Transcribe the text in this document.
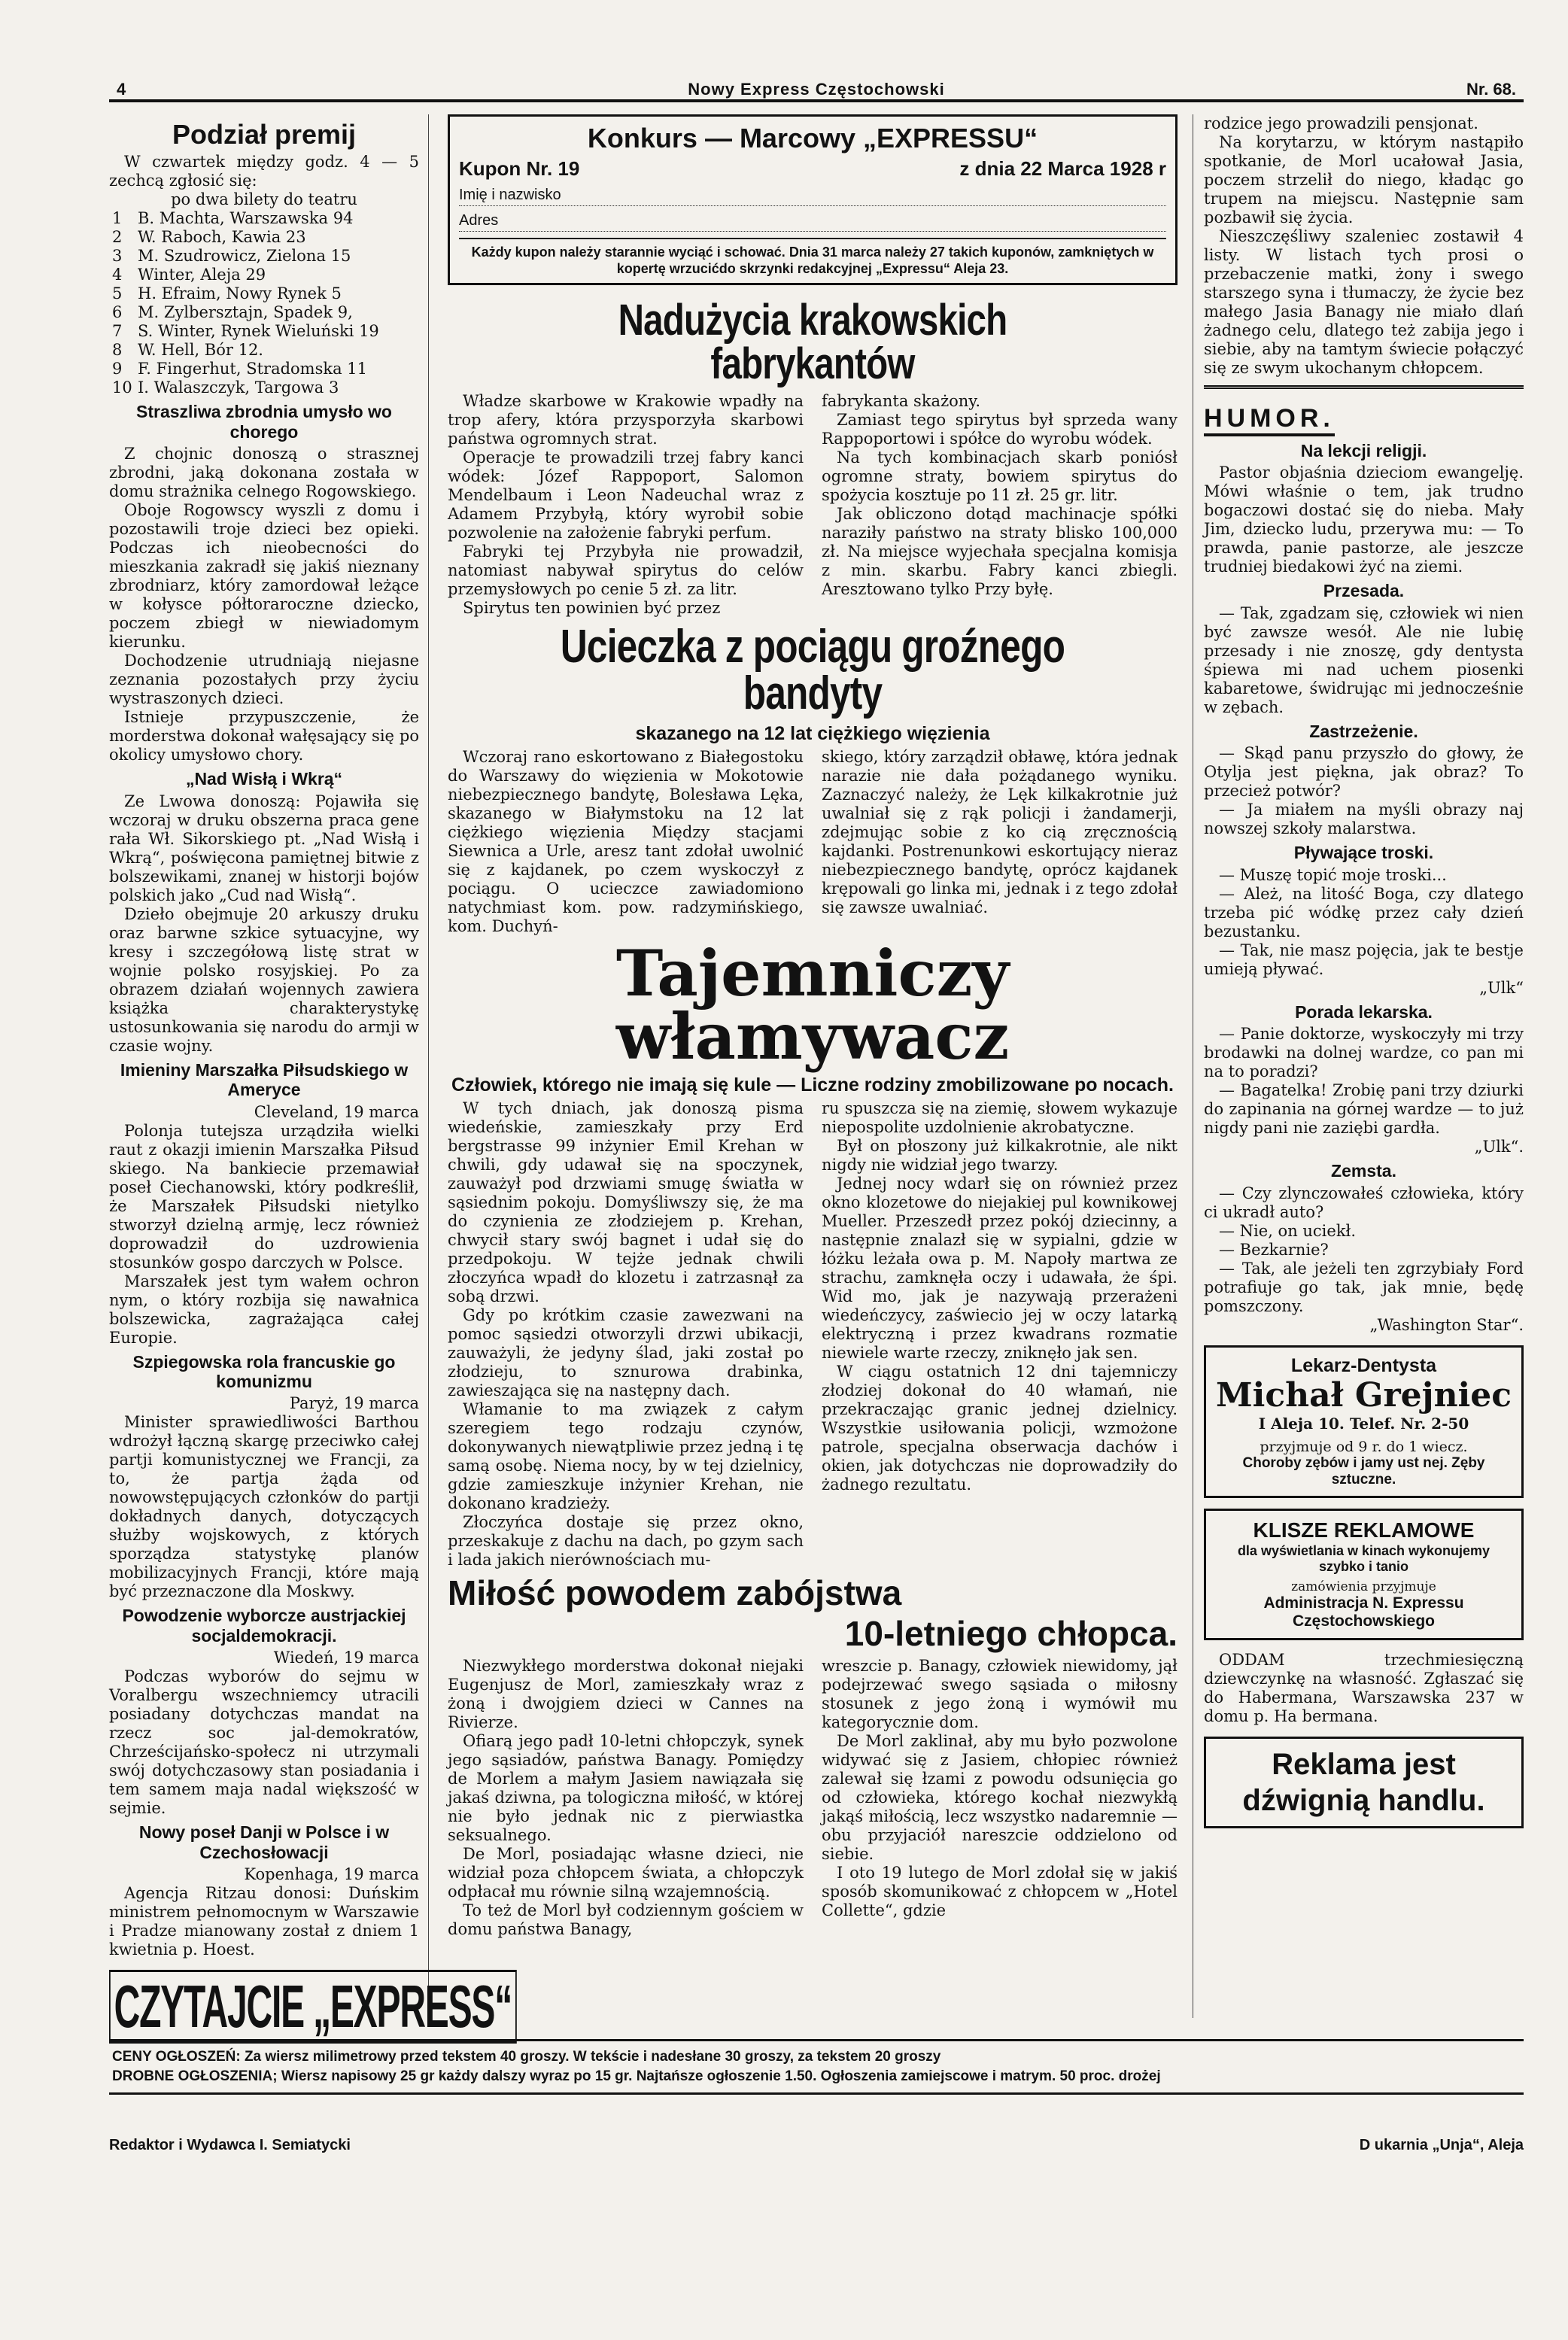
4	Nowy Express Częstochowski	Nr. 68.
Podział premij

W czwartek między godz. 4 — 5 zechcą zgłosić się:

po dwa bilety do teatru

1 B. Machta, Warszawska 94
2 W. Raboch, Kawia 23
3 M. Szudrowicz, Zielona 15
4 Winter, Aleja 29
5 H. Efraim, Nowy Rynek 5
6 M. Zylbersztajn, Spadek 9,
7 S. Winter, Rynek Wieluński 19
8 W. Hell, Bór 12.
9 F. Fingerhut, Stradomska 11
10 I. Walaszczyk, Targowa 3
Straszliwa zbrodnia umysło wo chorego

Z chojnic donoszą o strasznej zbrodni, jaką dokonana została w domu strażnika celnego Rogowskiego.

Oboje Rogowscy wyszli z domu i pozostawili troje dzieci bez opieki. Podczas ich nieobecności do mieszkania zakradł się jakiś nieznany zbrodniarz, który zamordował leżące w kołysce półtoraroczne dziecko, poczem zbiegł w niewiadomym kierunku.

Dochodzenie utrudniają niejasne zeznania pozostałych przy życiu wystraszonych dzieci.

Istnieje przypuszczenie, że morderstwa dokonał wałęsający się po okolicy umysłowo chory.

„Nad Wisłą i Wkrą“

Ze Lwowa donoszą: Pojawiła się wczoraj w druku obszerna praca gene rała Wł. Sikorskiego pt. „Nad Wisłą i Wkrą“, poświęcona pamiętnej bitwie z bolszewikami, znanej w historji bojów polskich jako „Cud nad Wisłą“.

Dzieło obejmuje 20 arkuszy druku oraz barwne szkice sytuacyjne, wy kresy i szczegółową listę strat w wojnie polsko rosyjskiej. Po za obrazem działań wojennych zawiera książka charakterystykę ustosunkowania się narodu do armji w czasie wojny.

Imieniny Marszałka Piłsudskiego w Ameryce

Cleveland, 19 marca

Polonja tutejsza urządziła wielki raut z okazji imienin Marszałka Piłsud skiego. Na bankiecie przemawiał poseł Ciechanowski, który podkreślił, że Marszałek Piłsudski nietylko stworzył dzielną armję, lecz również doprowadził do uzdrowienia stosunków gospo darczych w Polsce.

Marszałek jest tym wałem ochron nym, o który rozbija się nawałnica bolszewicka, zagrażająca całej Europie.

Szpiegowska rola francuskie go komunizmu

Paryż, 19 marca

Minister sprawiedliwości Barthou wdrożył łączną skargę przeciwko całej partji komunistycznej we Francji, za to, że partja żąda od nowowstępujących członków do partji dokładnych danych, dotyczących służby wojskowych, z których sporządza statystykę planów mobilizacyjnych Francji, które mają być przeznaczone dla Moskwy.

Powodzenie wyborcze austrjackiej socjaldemokracji.

Wiedeń, 19 marca

Podczas wyborów do sejmu w Voralbergu wszechniemcy utracili posiadany dotychczas mandat na rzecz soc jal-demokratów, Chrześcijańsko-społecz ni utrzymali swój dotychczasowy stan posiadania i tem samem maja nadal większość w sejmie.

Nowy poseł Danji w Polsce i w Czechosłowacji

Kopenhaga, 19 marca

Agencja Ritzau donosi: Duńskim ministrem pełnomocnym w Warszawie i Pradze mianowany został z dniem 1 kwietnia p. Hoest.

CZYTAJCIE „EXPRESS“
Konkurs — Marcowy „EXPRESSU“
Kupon Nr. 19	z dnia 22 Marca 1928 r
Imię i nazwisko
Adres
Każdy kupon należy starannie wyciąć i schować. Dnia 31 marca należy 27 takich kuponów, zamkniętych w kopertę wrzucićdo skrzynki redakcyjnej „Expressu“ Aleja 23.
Nadużycia krakowskich fabrykantów

Władze skarbowe w Krakowie wpadły na trop afery, która przysporzyła skarbowi państwa ogromnych strat.

Operacje te prowadzili trzej fabry kanci wódek: Józef Rappoport, Salomon Mendelbaum i Leon Nadeuchal wraz z Adamem Przybyłą, który wyrobił sobie pozwolenie na założenie fabryki perfum.

Fabryki tej Przybyła nie prowadził, natomiast nabywał spirytus do celów przemysłowych po cenie 5 zł. za litr.

Spirytus ten powinien być przez

fabrykanta skażony.

Zamiast tego spirytus był sprzeda wany Rappoportowi i spółce do wyrobu wódek.

Na tych kombinacjach skarb poniósł ogromne straty, bowiem spirytus do spożycia kosztuje po 11 zł. 25 gr. litr.

Jak obliczono dotąd machinacje spółki naraziły państwo na straty blisko 100,000 zł. Na miejsce wyjechała specjalna komisja z min. skarbu. Fabry kanci zbiegli. Aresztowano tylko Przy byłę.

Ucieczka z pociągu groźnego bandyty
skazanego na 12 lat ciężkiego więzienia

Wczoraj rano eskortowano z Białegostoku do Warszawy do więzienia w Mokotowie niebezpiecznego bandytę, Bolesława Lęka, skazanego w Białymstoku na 12 lat ciężkiego więzienia Między stacjami Siewnica a Urle, aresz tant zdołał uwolnić się z kajdanek, po czem wyskoczył z pociągu. O ucieczce zawiadomiono natychmiast kom. pow. radzymińskiego, kom. Duchyń-

skiego, który zarządził obławę, która jednak narazie nie dała pożądanego wyniku. Zaznaczyć należy, że Lęk kilkakrotnie już uwalniał się z rąk policji i żandamerji, zdejmując sobie z ko cią zręcznością kajdanki. Postrenunkowi eskortujący nieraz niebezpiecznego bandytę, oprócz kajdanek krępowali go linka mi, jednak i z tego zdołał się zawsze uwalniać.

Tajemniczy włamywacz
Człowiek, którego nie imają się kule — Liczne rodziny zmobilizowane po nocach.

W tych dniach, jak donoszą pisma wiedeńskie, zamieszkały przy Erd bergstrasse 99 inżynier Emil Krehan w chwili, gdy udawał się na spoczynek, zauważył pod drzwiami smugę światła w sąsiednim pokoju. Domyśliwszy się, że ma do czynienia ze złodziejem p. Krehan, chwycił stary swój bagnet i udał się do przedpokoju. W tejże jednak chwili złoczyńca wpadł do klozetu i zatrzasnął za sobą drzwi.

Gdy po krótkim czasie zawezwani na pomoc sąsiedzi otworzyli drzwi ubikacji, zauważyli, że jedyny ślad, jaki został po złodzieju, to sznurowa drabinka, zawieszająca się na następny dach.

Włamanie to ma związek z całym szeregiem tego rodzaju czynów, dokonywanych niewątpliwie przez jedną i tę samą osobę. Niema nocy, by w tej dzielnicy, gdzie zamieszkuje inżynier Krehan, nie dokonano kradzieży.

Złoczyńca dostaje się przez okno, przeskakuje z dachu na dach, po gzym sach i lada jakich nierównościach mu-

ru spuszcza się na ziemię, słowem wykazuje niepospolite uzdolnienie akrobatyczne.

Był on płoszony już kilkakrotnie, ale nikt nigdy nie widział jego twarzy.

Jednej nocy wdarł się on również przez okno klozetowe do niejakiej pul kownikowej Mueller. Przeszedł przez pokój dziecinny, a następnie znalazł się w sypialni, gdzie w łóżku leżała owa p. M. Napoły martwa ze strachu, zamknęła oczy i udawała, że śpi. Wid mo, jak je nazywają przerażeni wiedeńczycy, zaświecio jej w oczy latarką elektryczną i przez kwadrans rozmatie niewiele warte rzeczy, zniknęło jak sen.

W ciągu ostatnich 12 dni tajemniczy złodziej dokonał do 40 włamań, nie przekraczając granic jednej dzielnicy. Wszystkie usiłowania policji, wzmożone patrole, specjalna obserwacja dachów i okien, jak dotychczas nie doprowadziły do żadnego rezultatu.

Miłość powodem zabójstwa
10-letniego chłopca.

Niezwykłego morderstwa dokonał niejaki Eugenjusz de Morl, zamieszkały wraz z żoną i dwojgiem dzieci w Cannes na Rivierze.

Ofiarą jego padł 10-letni chłopczyk, synek jego sąsiadów, państwa Banagy. Pomiędzy de Morlem a małym Jasiem nawiązała się jakaś dziwna, pa tologiczna miłość, w której nie było jednak nic z pierwiastka seksualnego.

De Morl, posiadając własne dzieci, nie widział poza chłopcem świata, a chłopczyk odpłacał mu równie silną wzajemnością.

To też de Morl był codziennym gościem w domu państwa Banagy,

wreszcie p. Banagy, człowiek niewidomy, jął podejrzewać swego sąsiada o miłosny stosunek z jego żoną i wymówił mu kategorycznie dom.

De Morl zaklinał, aby mu było pozwolone widywać się z Jasiem, chłopiec również zalewał się łzami z powodu odsunięcia go od człowieka, którego kochał niezwykłą jakąś miłością, lecz wszystko nadaremnie — obu przyjaciół nareszcie oddzielono od siebie.

I oto 19 lutego de Morl zdołał się w jakiś sposób skomunikować z chłopcem w „Hotel Collette“, gdzie

rodzice jego prowadzili pensjonat.

Na korytarzu, w którym nastąpiło spotkanie, de Morl ucałował Jasia, poczem strzelił do niego, kładąc go trupem na miejscu. Następnie sam pozbawił się życia.

Nieszczęśliwy szaleniec zostawił 4 listy. W listach tych prosi o przebaczenie matki, żony i swego starszego syna i tłumaczy, że życie bez małego Jasia Banagy nie miało dlań żadnego celu, dlatego też zabija jego i siebie, aby na tamtym świecie połączyć się ze swym ukochanym chłopcem.

HUMOR.
Na lekcji religji.

Pastor objaśnia dzieciom ewangelję. Mówi właśnie o tem, jak trudno bogaczowi dostać się do nieba. Mały Jim, dziecko ludu, przerywa mu: — To prawda, panie pastorze, ale jeszcze trudniej biedakowi żyć na ziemi.

Przesada.

— Tak, zgadzam się, człowiek wi nien być zawsze wesół. Ale nie lubię przesady i nie znoszę, gdy dentysta śpiewa mi nad uchem piosenki kabaretowe, świdrując mi jednocześnie w zębach.

Zastrzeżenie.

— Skąd panu przyszło do głowy, że Otylja jest piękna, jak obraz? To przecież potwór?

— Ja miałem na myśli obrazy naj nowszej szkoły malarstwa.

Pływające troski.

— Muszę topić moje troski...

— Ależ, na litość Boga, czy dlatego trzeba pić wódkę przez cały dzień bezustanku.

— Tak, nie masz pojęcia, jak te bestje umieją pływać.

„Ulk“

Porada lekarska.

— Panie doktorze, wyskoczyły mi trzy brodawki na dolnej wardze, co pan mi na to poradzi?

— Bagatelka! Zrobię pani trzy dziurki do zapinania na górnej wardze — to już nigdy pani nie zaziębi gardła.

„Ulk“.

Zemsta.

— Czy zlynczowałeś człowieka, który ci ukradł auto?

— Nie, on uciekł.

— Bezkarnie?

— Tak, ale jeżeli ten zgrzybiały Ford potrafiuje go tak, jak mnie, będę pomszczony.

„Washington Star“.

Lekarz-Dentysta
Michał Grejniec
I Aleja 10. Telef. Nr. 2-50
przyjmuje od 9 r. do 1 wiecz.
Choroby zębów i jamy ust nej. Zęby sztuczne.
KLISZE REKLAMOWE
dla wyświetlania w kinach wykonujemy szybko i tanio
zamówienia przyjmuje
Administracja N. Expressu Częstochowskiego

ODDAM trzechmiesięczną dziewczynkę na własność. Zgłaszać się do Habermana, Warszawska 237 w domu p. Ha bermana.

Reklama jest
dźwignią handlu.
CENY OGŁOSZEŃ: Za wiersz milimetrowy przed tekstem 40 groszy. W tekście i nadesłane 30 groszy, za tekstem 20 groszy
DROBNE OGŁOSZENIA; Wiersz napisowy 25 gr każdy dalszy wyraz po 15 gr. Najtańsze ogłoszenie 1.50. Ogłoszenia zamiejscowe i matrym. 50 proc. drożej
Redaktor i Wydawca I. Semiatycki	D ukarnia „Unja“, Aleja
